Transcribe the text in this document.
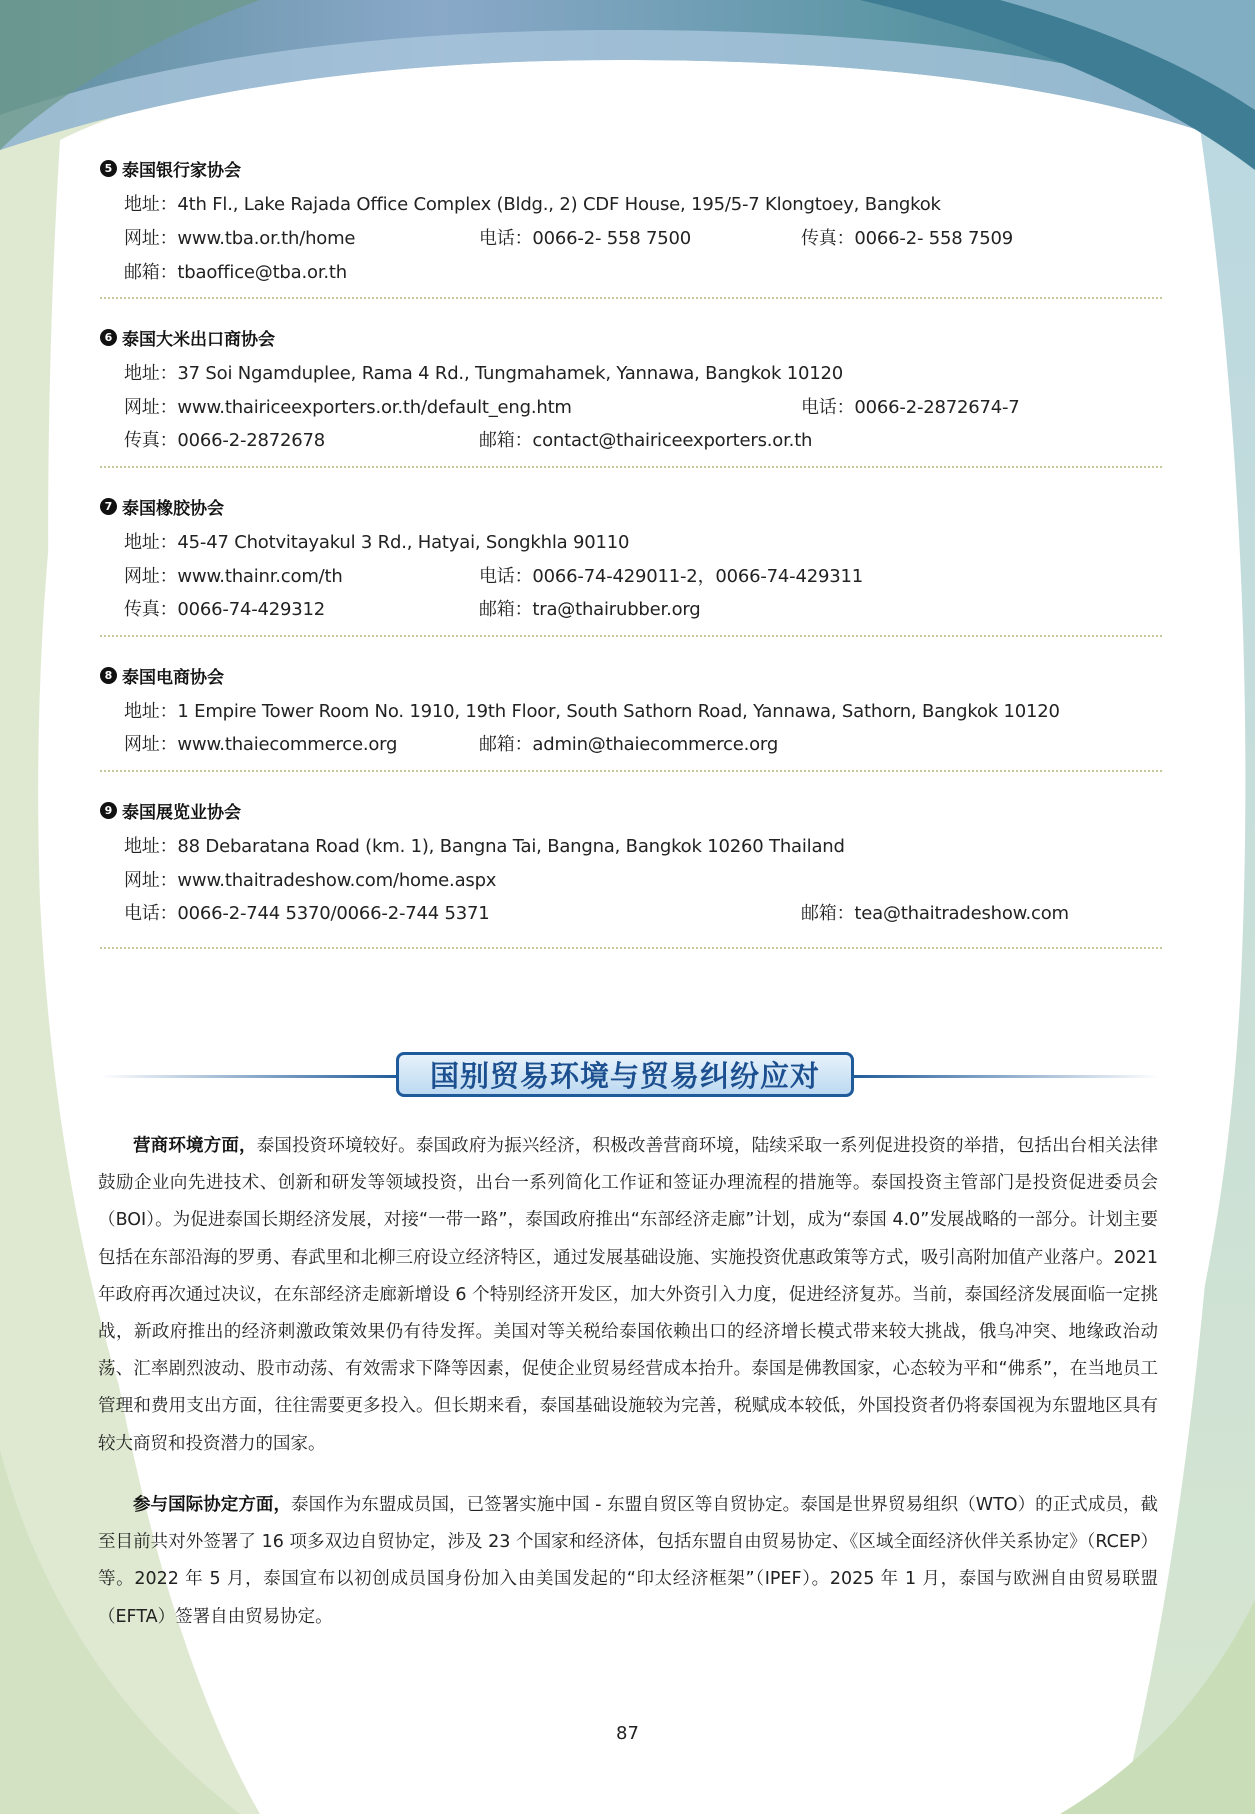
5 泰国银行家协会
地址：4th Fl., Lake Rajada Office Complex (Bldg., 2) CDF House, 195/5-7 Klongtoey, Bangkok
网址：www.tba.or.th/home	电话：0066-2- 558 7500	传真：0066-2- 558 7509
邮箱：tbaoffice@tba.or.th
6 泰国大米出口商协会
地址：37 Soi Ngamduplee, Rama 4 Rd., Tungmahamek, Yannawa, Bangkok 10120
网址：www.thairiceexporters.or.th/default_eng.htm	电话：0066-2-2872674-7
传真：0066-2-2872678	邮箱：contact@thairiceexporters.or.th
7 泰国橡胶协会
地址：45-47 Chotvitayakul 3 Rd., Hatyai, Songkhla 90110
网址：www.thainr.com/th	电话：0066-74-429011-2，0066-74-429311
传真：0066-74-429312	邮箱：tra@thairubber.org
8 泰国电商协会
地址：1 Empire Tower Room No. 1910, 19th Floor, South Sathorn Road, Yannawa, Sathorn, Bangkok 10120
网址：www.thaiecommerce.org	邮箱：admin@thaiecommerce.org
9 泰国展览业协会
地址：88 Debaratana Road (km. 1), Bangna Tai, Bangna, Bangkok 10260 Thailand
网址：www.thaitradeshow.com/home.aspx
电话：0066-2-744 5370/0066-2-744 5371	邮箱：tea@thaitradeshow.com
国别贸易环境与贸易纠纷应对
营商环境方面，泰国投资环境较好。泰国政府为振兴经济，积极改善营商环境，陆续采取一系列促进投资的举措，包括出台相关法律鼓励企业向先进技术、创新和研发等领域投资，出台一系列简化工作证和签证办理流程的措施等。泰国投资主管部门是投资促进委员会（BOI）。为促进泰国长期经济发展，对接“一带一路”，泰国政府推出“东部经济走廊”计划，成为“泰国 4.0”发展战略的一部分。计划主要包括在东部沿海的罗勇、春武里和北柳三府设立经济特区，通过发展基础设施、实施投资优惠政策等方式，吸引高附加值产业落户。2021 年政府再次通过决议，在东部经济走廊新增设 6 个特别经济开发区，加大外资引入力度，促进经济复苏。当前，泰国经济发展面临一定挑战，新政府推出的经济刺激政策效果仍有待发挥。美国对等关税给泰国依赖出口的经济增长模式带来较大挑战，俄乌冲突、地缘政治动荡、汇率剧烈波动、股市动荡、有效需求下降等因素，促使企业贸易经营成本抬升。泰国是佛教国家，心态较为平和“佛系”，在当地员工管理和费用支出方面，往往需要更多投入。但长期来看，泰国基础设施较为完善，税赋成本较低，外国投资者仍将泰国视为东盟地区具有较大商贸和投资潜力的国家。
参与国际协定方面，泰国作为东盟成员国，已签署实施中国 - 东盟自贸区等自贸协定。泰国是世界贸易组织（WTO）的正式成员，截至目前共对外签署了 16 项多双边自贸协定，涉及 23 个国家和经济体，包括东盟自由贸易协定、《区域全面经济伙伴关系协定》（RCEP）等。2022 年 5 月，泰国宣布以初创成员国身份加入由美国发起的“印太经济框架”（IPEF）。2025 年 1 月，泰国与欧洲自由贸易联盟（EFTA）签署自由贸易协定。
87
